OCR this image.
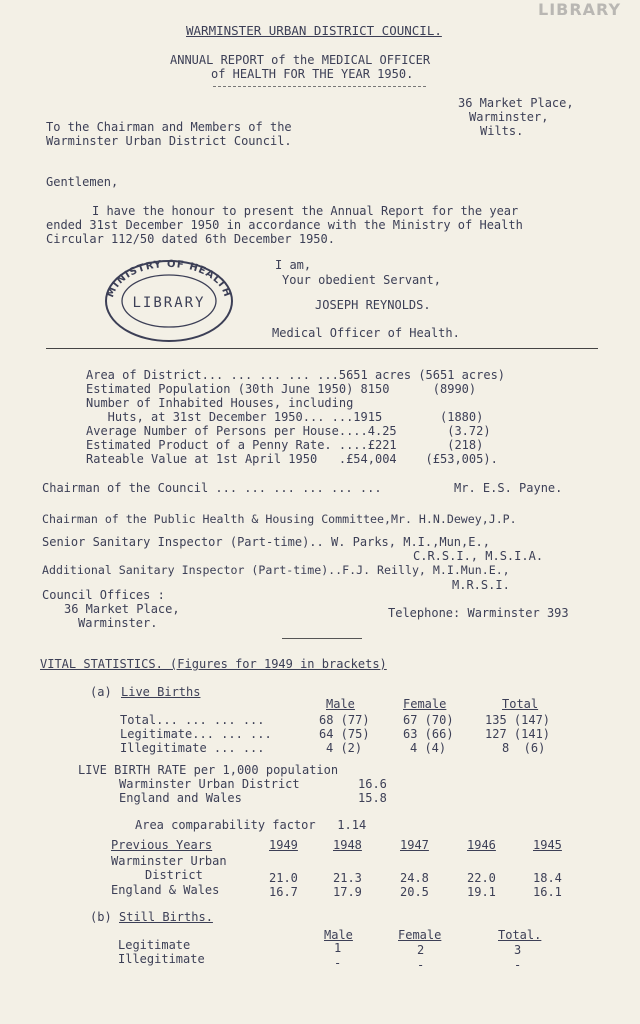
LIBRARY
WARMINSTER URBAN DISTRICT COUNCIL.
ANNUAL REPORT of the MEDICAL OFFICER
of HEALTH FOR THE YEAR 1950.
36 Market Place,
Warminster,
Wilts.
To the Chairman and Members of the
Warminster Urban District Council.
Gentlemen,
I have the honour to present the Annual Report for the year
ended 31st December 1950 in accordance with the Ministry of Health
Circular 112/50 dated 6th December 1950.
MINISTRY OF HEALTH
LIBRARY
I am,
Your obedient Servant,
JOSEPH REYNOLDS.
Medical Officer of Health.
Area of District... ... ... ... ...5651 acres (5651 acres)
Estimated Population (30th June 1950) 8150      (8990)
Number of Inhabited Houses, including
Huts, at 31st December 1950... ...1915        (1880)
Average Number of Persons per House....4.25       (3.72)
Estimated Product of a Penny Rate. ....£221       (218)
Rateable Value at 1st April 1950   .£54,004    (£53,005).
Chairman of the Council ... ... ... ... ... ...	Mr. E.S. Payne.
Chairman of the Public Health & Housing Committee,Mr. H.N.Dewey,J.P.
Senior Sanitary Inspector (Part-time).. W. Parks, M.I.,Mun,E.,
C.R.S.I., M.S.I.A.
Additional Sanitary Inspector (Part-time)..F.J. Reilly, M.I.Mun.E.,
M.R.S.I.
Council Offices :
36 Market Place,
Warminster.
Telephone: Warminster 393
VITAL STATISTICS. (Figures for 1949 in brackets)
(a) Live Births
Male	Female	Total
Total... ... ... ...	68 (77)	67 (70)	135 (147)
Legitimate... ... ...	64 (75)	63 (66)	127 (141)
Illegitimate ... ...	4 (2)	4 (4)	8  (6)
LIVE BIRTH RATE per 1,000 population
Warminster Urban District	16.6
England and Wales	15.8
Area comparability factor   1.14
Previous Years	1949	1948	1947	1946	1945
Warminster Urban
District	21.0	21.3	24.8	22.0	18.4
England & Wales	16.7	17.9	20.5	19.1	16.1
(b) Still Births.
Male	Female	Total.
Legitimate	1	2	3
Illegitimate	-	-	-
